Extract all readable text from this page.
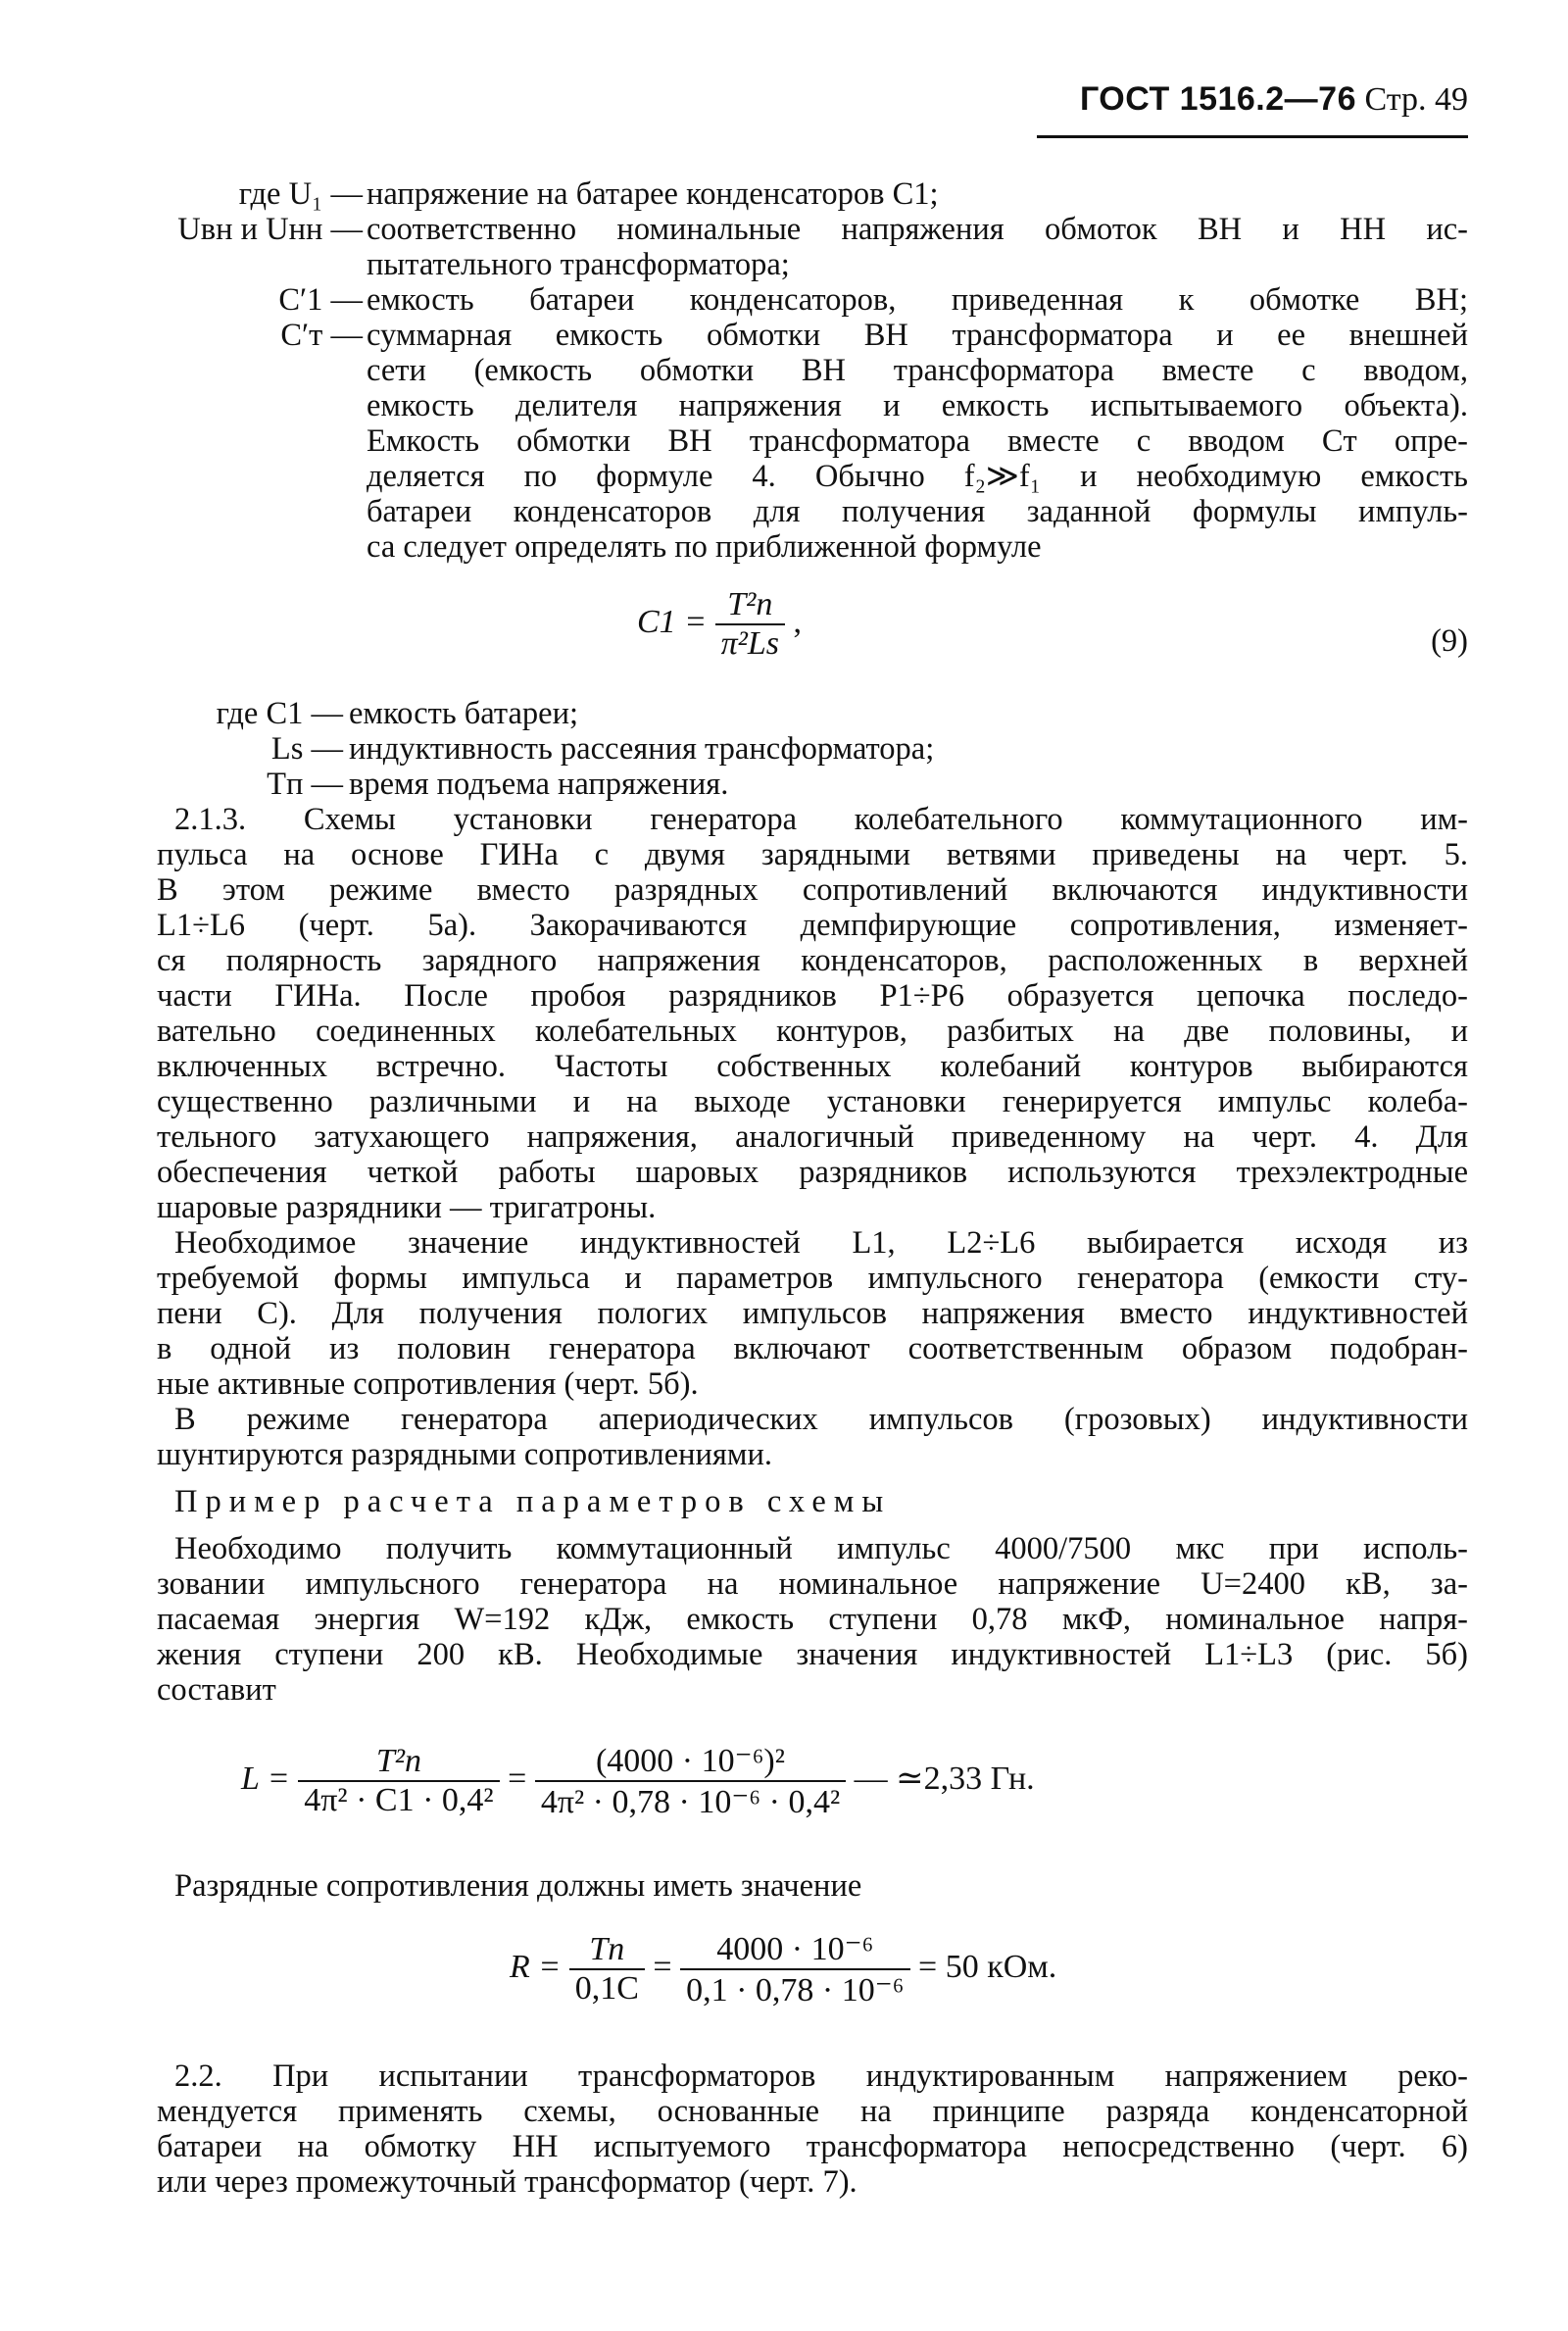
ГОСТ 1516.2—76 Стр. 49
где U₁ — напряжение на батарее конденсаторов C1;
Uвн и Uнн — соответственно номинальные напряжения обмоток ВН и НН ис-
пытательного трансформатора;
C′1 — емкость батареи конденсаторов, приведенная к обмотке ВН;
C′т — суммарная емкость обмотки ВН трансформатора и ее внешней
сети (емкость обмотки ВН трансформатора вместе с вводом,
емкость делителя напряжения и емкость испытываемого объекта).
Емкость обмотки ВН трансформатора вместе с вводом Cт опре-
деляется по формуле 4. Обычно f₂≫f₁ и необходимую емкость
батареи конденсаторов для получения заданной формулы импуль-
са следует определять по приближенной формуле
$C1 = \frac{\text{T²п}}{\text{π²Ls}}$ ,
(9)
где C1 — емкость батареи;
Ls — индуктивность рассеяния трансформатора;
Tп — время подъема напряжения.
2.1.3. Схемы установки генератора колебательного коммутационного им-
пульса на основе ГИНа с двумя зарядными ветвями приведены на черт. 5.
В этом режиме вместо разрядных сопротивлений включаются индуктивности
L1÷L6 (черт. 5а). Закорачиваются демпфирующие сопротивления, изменяет-
ся полярность зарядного напряжения конденсаторов, расположенных в верхней
части ГИНа. После пробоя разрядников Р1÷Р6 образуется цепочка последо-
вательно соединенных колебательных контуров, разбитых на две половины, и
включенных встречно. Частоты собственных колебаний контуров выбираются
существенно различными и на выходе установки генерируется импульс колеба-
тельного затухающего напряжения, аналогичный приведенному на черт. 4. Для
обеспечения четкой работы шаровых разрядников используются трехэлектродные
шаровые разрядники — тригатроны.
Необходимое значение индуктивностей L1, L2÷L6 выбирается исходя из
требуемой формы импульса и параметров импульсного генератора (емкости сту-
пени С). Для получения пологих импульсов напряжения вместо индуктивностей
в одной из половин генератора включают соответственным образом подобран-
ные активные сопротивления (черт. 5б).
В режиме генератора апериодических импульсов (грозовых) индуктивности
шунтируются разрядными сопротивлениями.
Пример расчета параметров схемы
Необходимо получить коммутационный импульс 4000/7500 мкс при исполь-
зовании импульсного генератора на номинальное напряжение U=2400 кВ, за-
пасаемая энергия W=192 кДж, емкость ступени 0,78 мкФ, номинальное напря-
жения ступени 200 кВ. Необходимые значения индуктивностей L1÷L3 (рис. 5б)
составит
$L = \frac{\text{T²п}}{\text{4π² · C1 · 0,4²}} = \frac{\text{(4000 · 10⁻⁶)²}}{\text{4π² · 0,78 · 10⁻⁶ · 0,4²}}$ — ≃2,33 Гн.
Разрядные сопротивления должны иметь значение
$R = \frac{Tп}{0,1C} = \frac{\text{4000 · 10⁻⁶}}{\text{0,1 · 0,78 · 10⁻⁶}} = 50$ кОм.
2.2. При испытании трансформаторов индуктированным напряжением реко-
мендуется применять схемы, основанные на принципе разряда конденсаторной
батареи на обмотку НН испытуемого трансформатора непосредственно (черт. 6)
или через промежуточный трансформатор (черт. 7).
